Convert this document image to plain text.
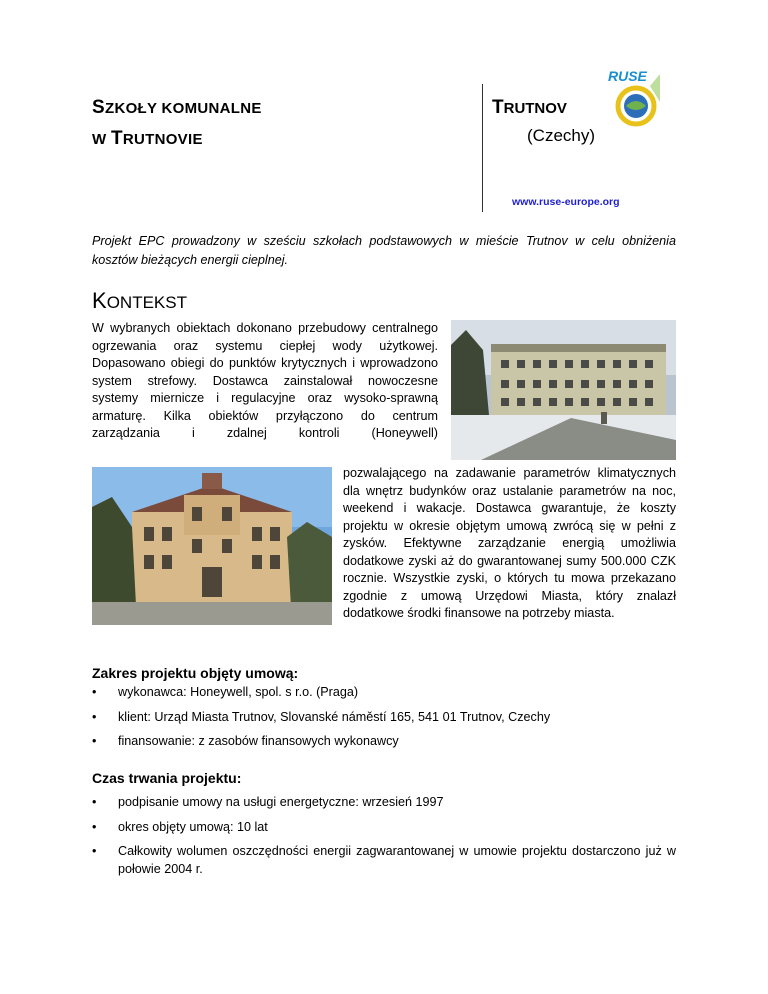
SZKOŁY KOMUNALNE
W TRUTNOVIE
TRUTNOV
(Czechy)
www.ruse-europe.org
RUSE
Projekt EPC prowadzony w sześciu szkołach podstawowych w mieście Trutnov w celu obniżenia kosztów bieżących energii cieplnej.
KONTEKST
W wybranych obiektach dokonano przebudowy centralnego ogrzewania oraz systemu ciepłej wody użytkowej. Dopasowano obiegi do punktów krytycznych i wprowadzono system strefowy. Dostawca zainstalował nowoczesne systemy miernicze i regulacyjne oraz wysoko-sprawną armaturę. Kilka obiektów przyłączono do centrum zarządzania i zdalnej kontroli (Honeywell)
pozwalającego na zadawanie parametrów klimatycznych dla wnętrz budynków oraz ustalanie parametrów na noc, weekend i wakacje. Dostawca gwarantuje, że koszty projektu w okresie objętym umową zwrócą się w pełni z zysków. Efektywne zarządzanie energią umożliwia dodatkowe zyski aż do gwarantowanej sumy 500.000 CZK rocznie. Wszystkie zyski, o których tu mowa przekazano zgodnie z umową Urzędowi Miasta, który znalazł dodatkowe środki finansowe na potrzeby miasta.
Zakres projektu objęty umową:
• wykonawca: Honeywell, spol. s r.o. (Praga)
• klient: Urząd Miasta Trutnov, Slovanské náměstí 165, 541 01 Trutnov, Czechy
• finansowanie: z zasobów finansowych wykonawcy
Czas trwania projektu:
• podpisanie umowy na usługi energetyczne: wrzesień 1997
• okres objęty umową: 10 lat
• Całkowity wolumen oszczędności energii zagwarantowanej w umowie projektu dostarczono już w połowie 2004 r.
